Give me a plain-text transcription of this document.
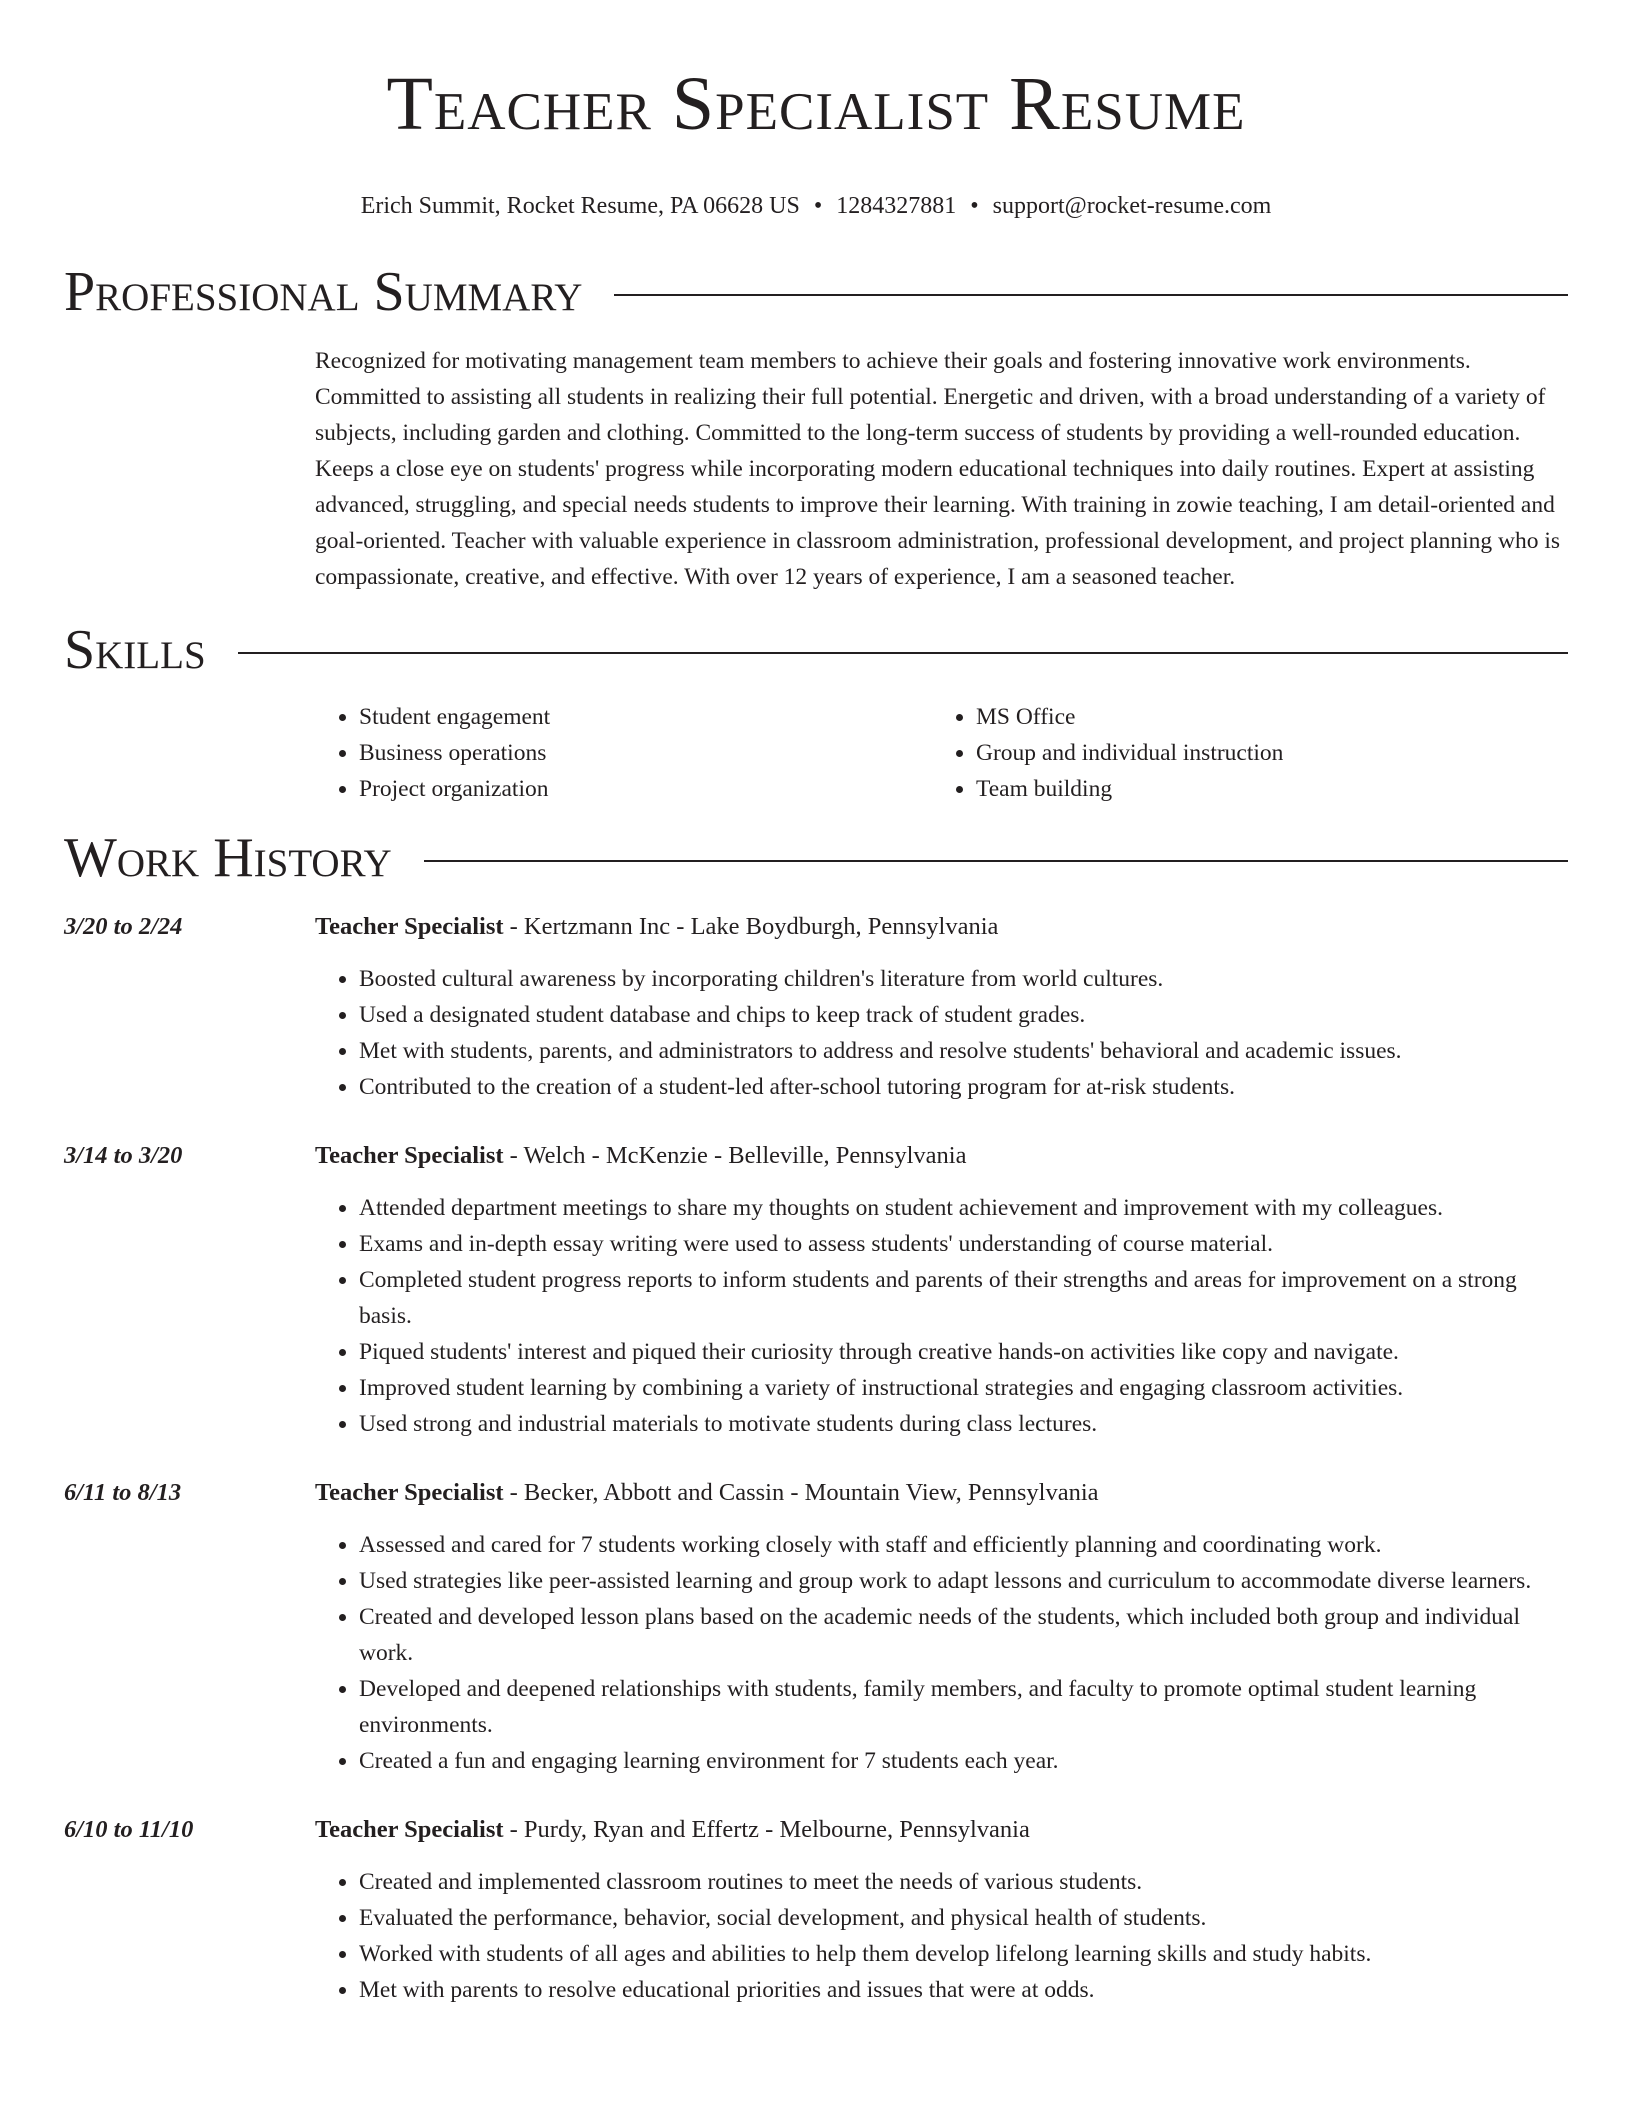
Teacher Specialist Resume
Erich Summit, Rocket Resume, PA 06628 US • 1284327881 • support@rocket-resume.com
Professional Summary

Recognized for motivating management team members to achieve their goals and fostering innovative work environments. Committed to assisting all students in realizing their full potential. Energetic and driven, with a broad understanding of a variety of subjects, including garden and clothing. Committed to the long-term success of students by providing a well-rounded education. Keeps a close eye on students' progress while incorporating modern educational techniques into daily routines. Expert at assisting advanced, struggling, and special needs students to improve their learning. With training in zowie teaching, I am detail-oriented and goal-oriented. Teacher with valuable experience in classroom administration, professional development, and project planning who is compassionate, creative, and effective. With over 12 years of experience, I am a seasoned teacher.

Skills
• Student engagement
• Business operations
• Project organization
• MS Office
• Group and individual instruction
• Team building
Work History
3/20 to 2/24	Teacher Specialist - Kertzmann Inc - Lake Boydburgh, Pennsylvania
• Boosted cultural awareness by incorporating children's literature from world cultures.
• Used a designated student database and chips to keep track of student grades.
• Met with students, parents, and administrators to address and resolve students' behavioral and academic issues.
• Contributed to the creation of a student-led after-school tutoring program for at-risk students.
3/14 to 3/20	Teacher Specialist - Welch - McKenzie - Belleville, Pennsylvania
• Attended department meetings to share my thoughts on student achievement and improvement with my colleagues.
• Exams and in-depth essay writing were used to assess students' understanding of course material.
• Completed student progress reports to inform students and parents of their strengths and areas for improvement on a strong basis.
• Piqued students' interest and piqued their curiosity through creative hands-on activities like copy and navigate.
• Improved student learning by combining a variety of instructional strategies and engaging classroom activities.
• Used strong and industrial materials to motivate students during class lectures.
6/11 to 8/13	Teacher Specialist - Becker, Abbott and Cassin - Mountain View, Pennsylvania
• Assessed and cared for 7 students working closely with staff and efficiently planning and coordinating work.
• Used strategies like peer-assisted learning and group work to adapt lessons and curriculum to accommodate diverse learners.
• Created and developed lesson plans based on the academic needs of the students, which included both group and individual work.
• Developed and deepened relationships with students, family members, and faculty to promote optimal student learning environments.
• Created a fun and engaging learning environment for 7 students each year.
6/10 to 11/10	Teacher Specialist - Purdy, Ryan and Effertz - Melbourne, Pennsylvania
• Created and implemented classroom routines to meet the needs of various students.
• Evaluated the performance, behavior, social development, and physical health of students.
• Worked with students of all ages and abilities to help them develop lifelong learning skills and study habits.
• Met with parents to resolve educational priorities and issues that were at odds.
